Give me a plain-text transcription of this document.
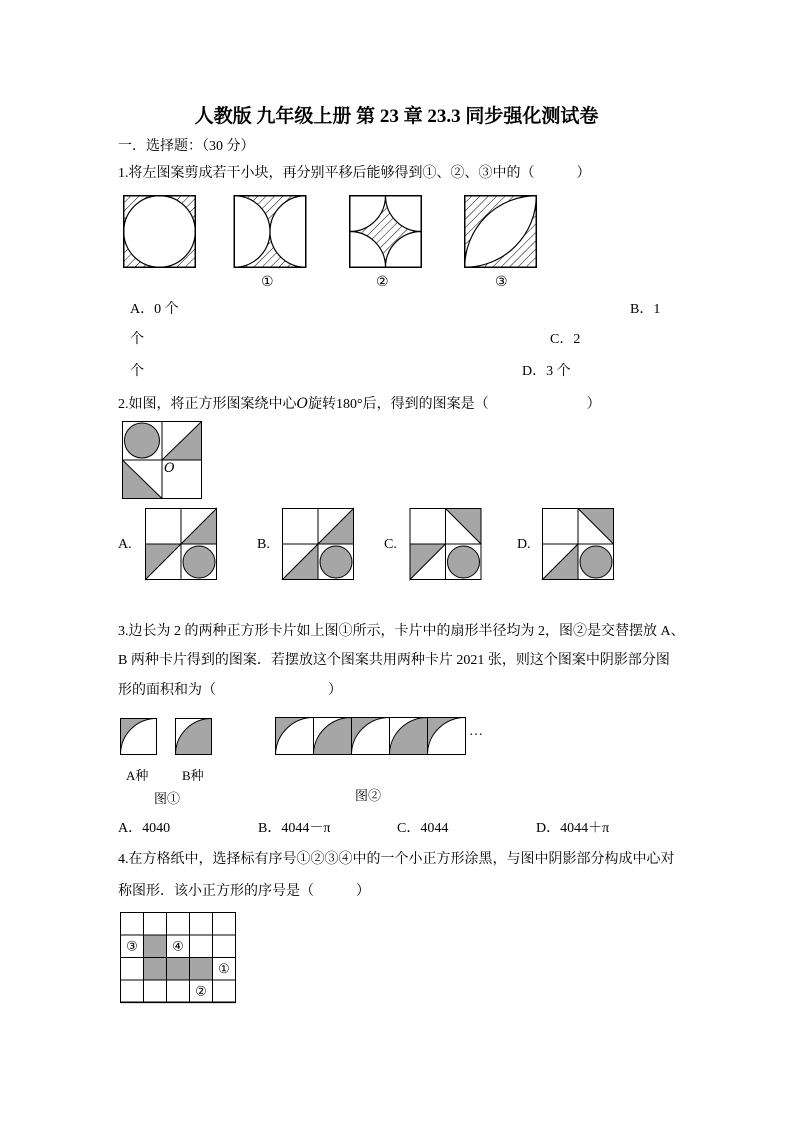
人教版 九年级上册 第 23 章 23.3 同步强化测试卷
一．选择题：（30 分）
1.将左图案剪成若干小块，再分别平移后能够得到①、②、③中的（　　　）
①	②	③
A．0 个	B．1
个	C．2
个	D．3 个
2.如图，将正方形图案绕中心O旋转180°后，得到的图案是（　　　　　　　）
O
A.	B.	C.	D.
3.边长为 2 的两种正方形卡片如上图①所示，卡片中的扇形半径均为 2，图②是交替摆放 A、
B 两种卡片得到的图案．若摆放这个图案共用两种卡片 2021 张，则这个图案中阴影部分图
形的面积和为（　　　　　　　　）
…
A种	B种
图①	图②
A．4040	B．4044－π	C．4044	D．4044＋π
4.在方格纸中，选择标有序号①②③④中的一个小正方形涂黑，与图中阴影部分构成中心对
称图形．该小正方形的序号是（　　　）
③	④
①
②
